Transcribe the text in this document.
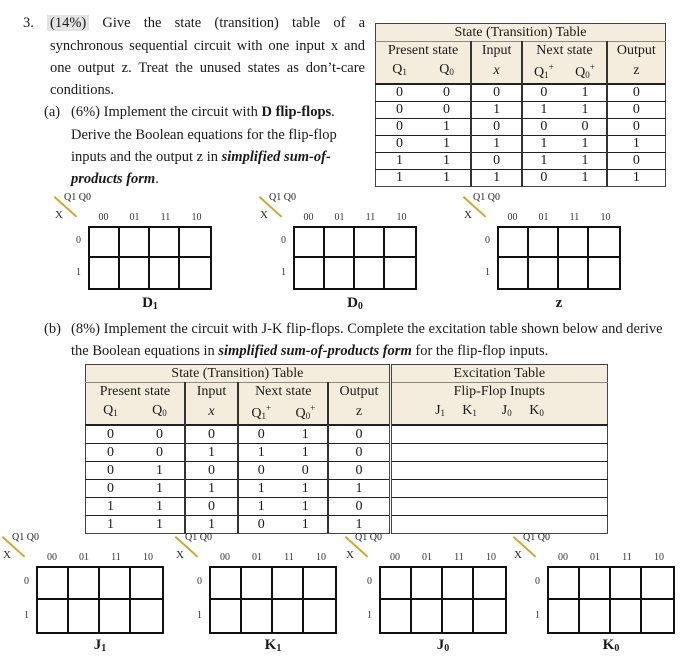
3. (14%) Give the state (transition) table of a
synchronous sequential circuit with one input x and
one output z. Treat the unused states as don’t-care
conditions.
(a) (6%) Implement the circuit with D flip-flops.
Derive the Boolean equations for the flip-flop
inputs and the output z in simplified sum-of-
products form.
State (Transition) Table					
Present state		Input	Next state		Output
$Q_1$	$Q_0$	x	$Q_1^+$	$Q_0^+$	z
0	0	0	0	1	0
0	0	1	1	1	0
0	1	0	0	0	0
0	1	1	1	1	1
1	1	0	1	1	0
1	1	1	0	1	1
Q1 Q0
X	00	01	11	10
0
1
$D_1$
Q1 Q0
X	00	01	11	10
0
1
$D_0$
Q1 Q0
X	00	01	11	10
0
1
z
(b) (8%) Implement the circuit with J-K flip-flops. Complete the excitation table shown below and derive
the Boolean equations in simplified sum-of-products form for the flip-flop inputs.
State (Transition) Table						Excitation Table			
Present state		Input	Next state		Output	Flip-Flop Inupts			
$Q_1$	$Q_0$	x	$Q_1^+$	$Q_0^+$	z	$J_1$	$K_1$	$J_0$	$K_0$
0	0	0	0	1	0				
0	0	1	1	1	0				
0	1	0	0	0	0				
0	1	1	1	1	1				
1	1	0	1	1	0				
1	1	1	0	1	1				
Q1 Q0
X	00	01	11	10
0
1
$J_1$
Q1 Q0
X	00	01	11	10
0
1
$K_1$
Q1 Q0
X	00	01	11	10
0
1
$J_0$
Q1 Q0
X	00	01	11	10
0
1
$K_0$
